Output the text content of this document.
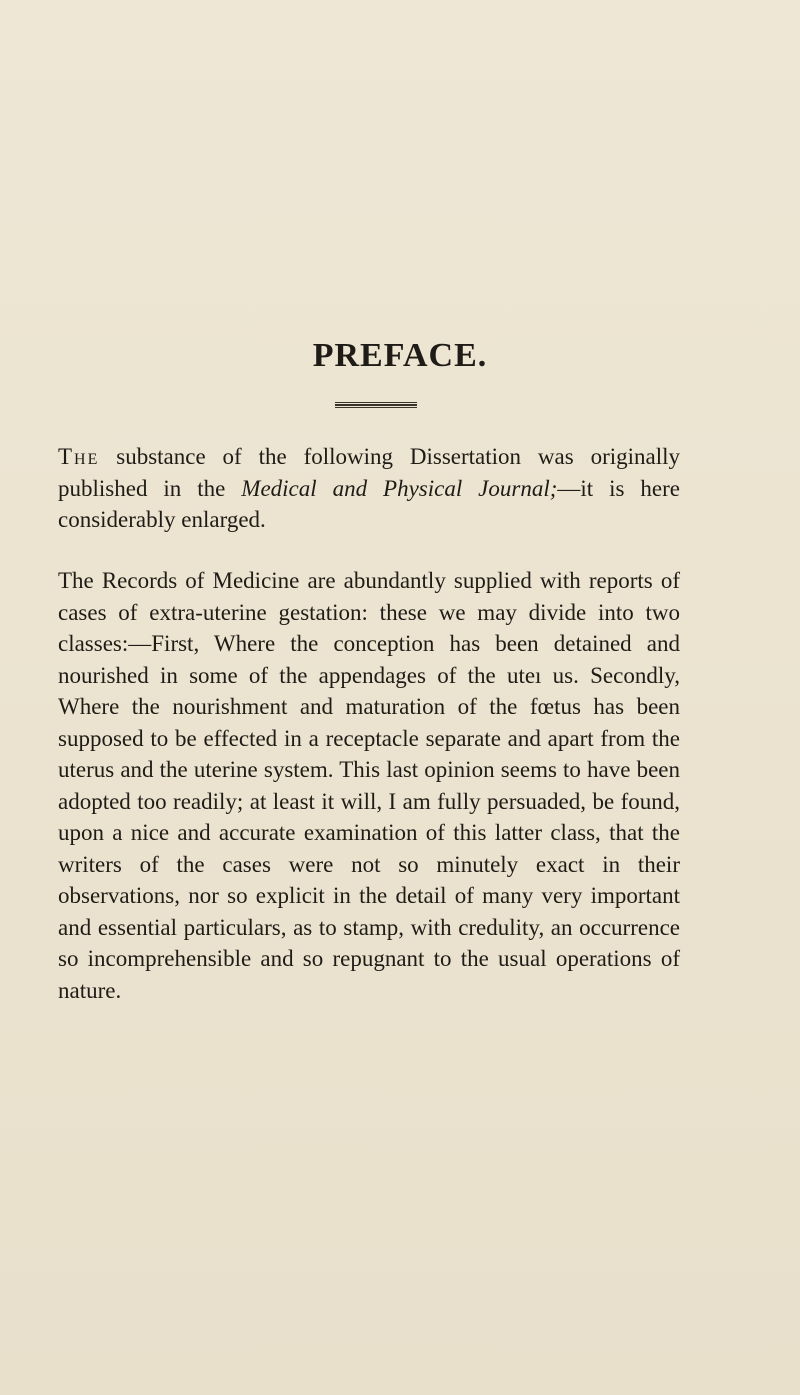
PREFACE.

The substance of the following Dissertation was originally published in the Medical and Physical Journal;—it is here considerably enlarged.

The Records of Medicine are abundantly supplied with reports of cases of extra-uterine gestation: these we may divide into two classes:—First, Where the conception has been detained and nourished in some of the appendages of the uteı us. Secondly, Where the nourishment and maturation of the fœtus has been supposed to be effected in a receptacle separate and apart from the uterus and the uterine system. This last opinion seems to have been adopted too readily; at least it will, I am fully persuaded, be found, upon a nice and accurate examination of this latter class, that the writers of the cases were not so minutely exact in their observations, nor so explicit in the detail of many very important and essential particulars, as to stamp, with credulity, an occurrence so incomprehensible and so repugnant to the usual operations of nature.
